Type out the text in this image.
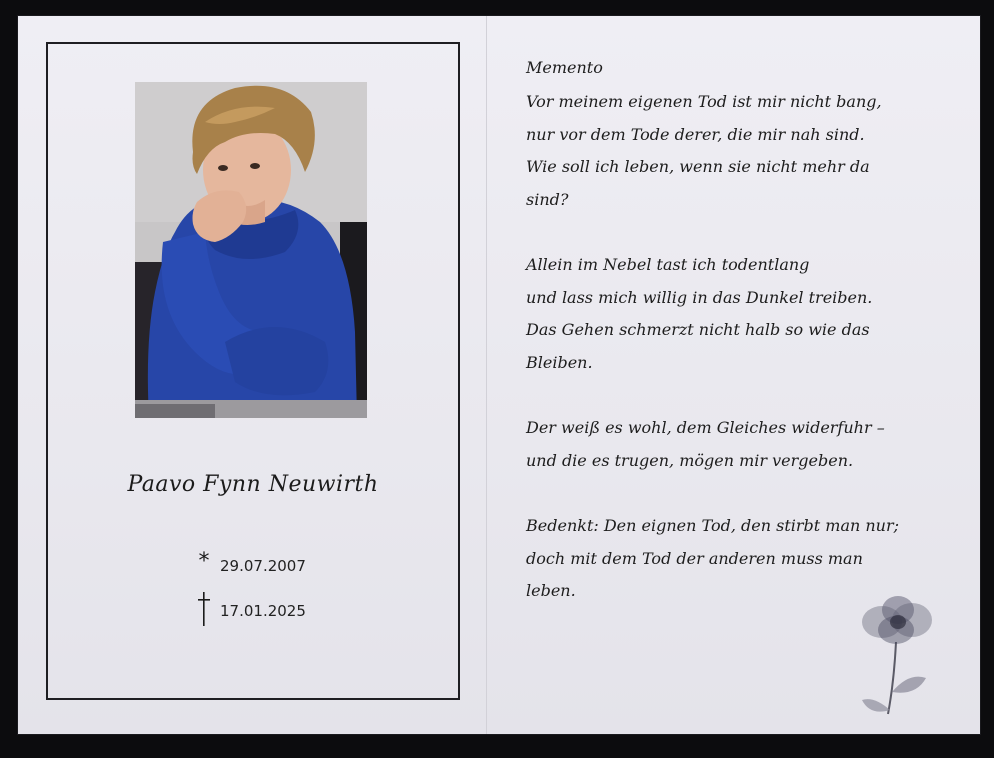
Paavo Fynn Neuwirth
* 29.07.2007
17.01.2025
Memento
Vor meinem eigenen Tod ist mir nicht bang,
nur vor dem Tode derer, die mir nah sind.
Wie soll ich leben, wenn sie nicht mehr da
sind?
Allein im Nebel tast ich todentlang
und lass mich willig in das Dunkel treiben.
Das Gehen schmerzt nicht halb so wie das
Bleiben.
Der weiß es wohl, dem Gleiches widerfuhr –
und die es trugen, mögen mir vergeben.
Bedenkt: Den eignen Tod, den stirbt man nur;
doch mit dem Tod der anderen muss man
leben.
